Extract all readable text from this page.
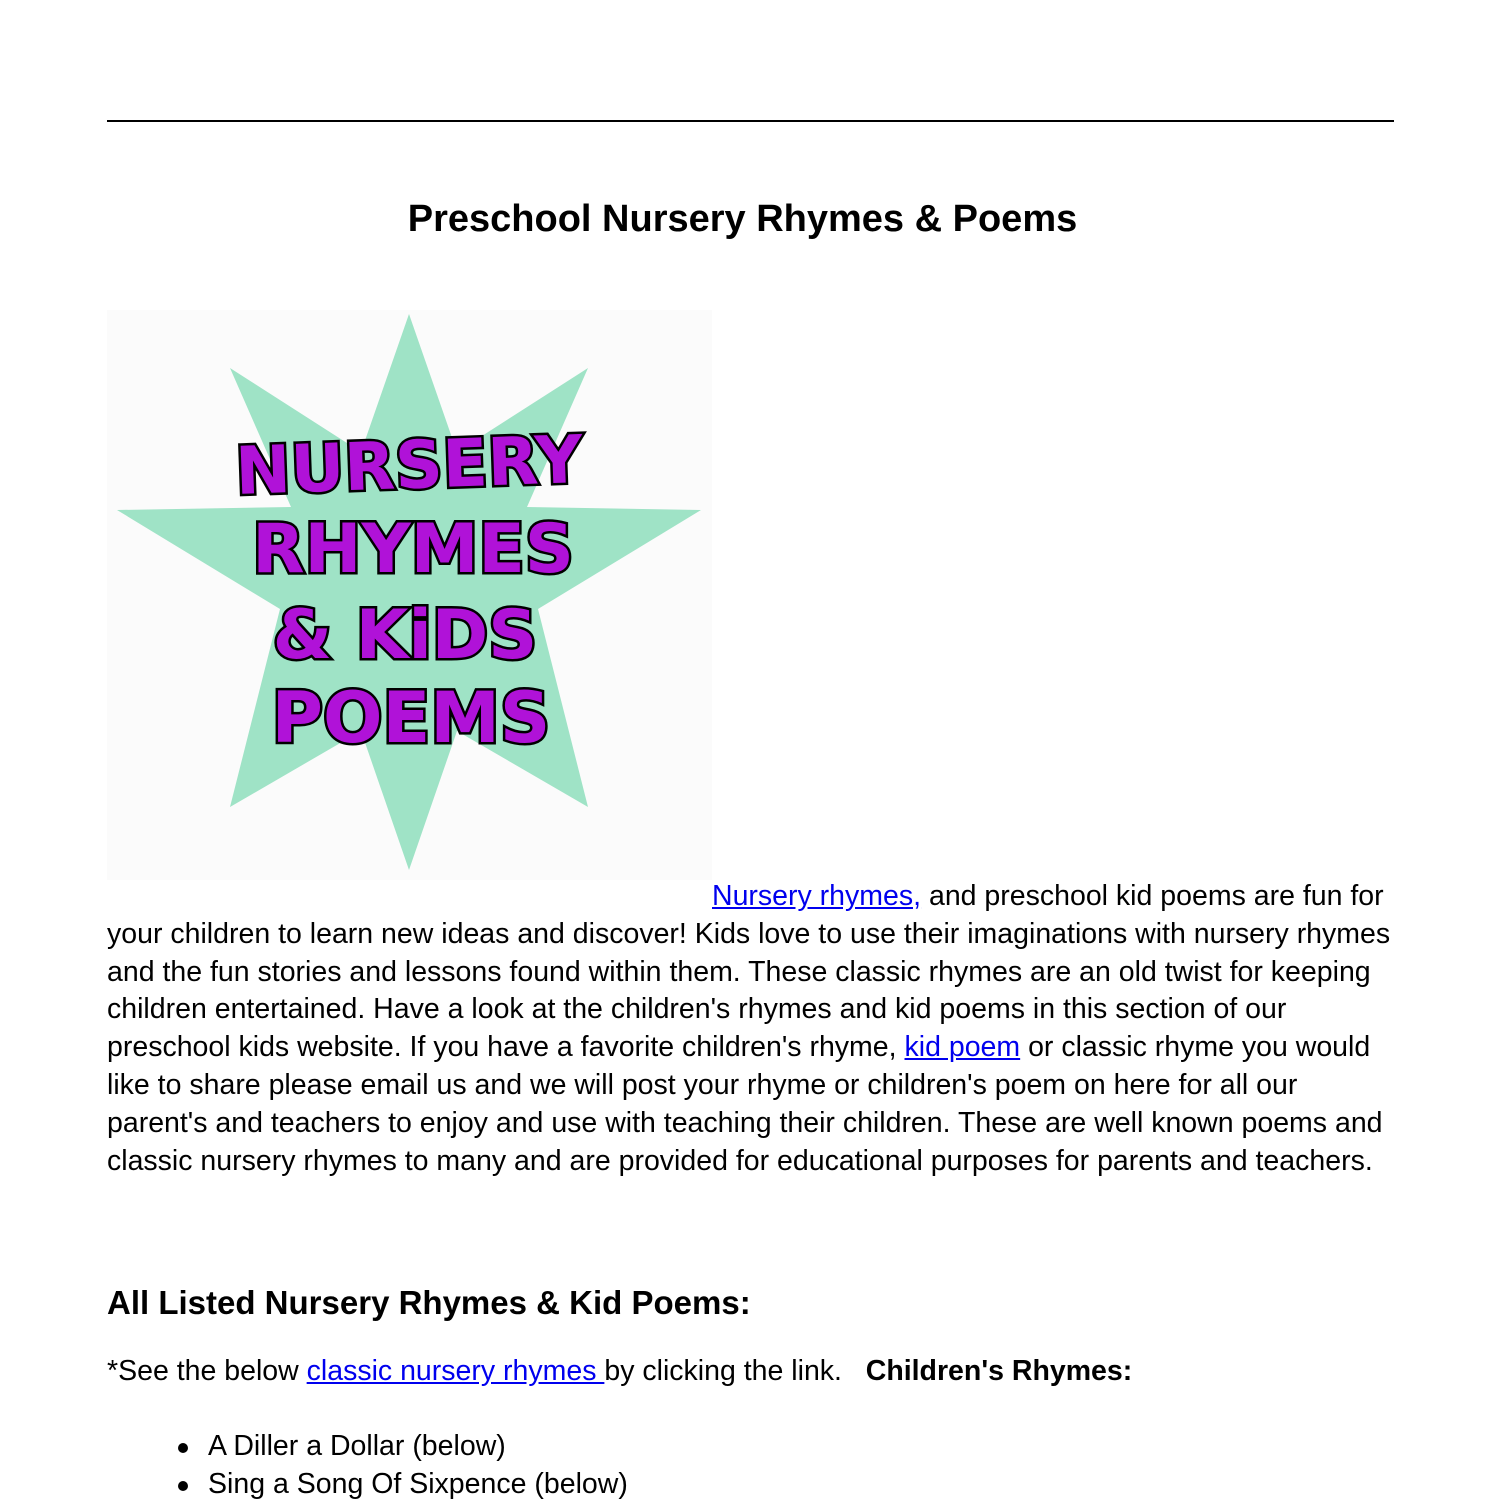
Preschool Nursery Rhymes & Poems
NURSERY
RHYMES
& KiDS
POEMS

Nursery rhymes, and preschool kid poems are fun for your children to learn new ideas and discover! Kids love to use their imaginations with nursery rhymes and the fun stories and lessons found within them. These classic rhymes are an old twist for keeping children entertained. Have a look at the children's rhymes and kid poems in this section of our preschool kids website. If you have a favorite children's rhyme, kid poem or classic rhyme you would like to share please email us and we will post your rhyme or children's poem on here for all our parent's and teachers to enjoy and use with teaching their children. These are well known poems and classic nursery rhymes to many and are provided for educational purposes for parents and teachers.

All Listed Nursery Rhymes & Kid Poems:

*See the below classic nursery rhymes by clicking the link.   Children's Rhymes:

A Diller a Dollar (below)
Sing a Song Of Sixpence (below)
